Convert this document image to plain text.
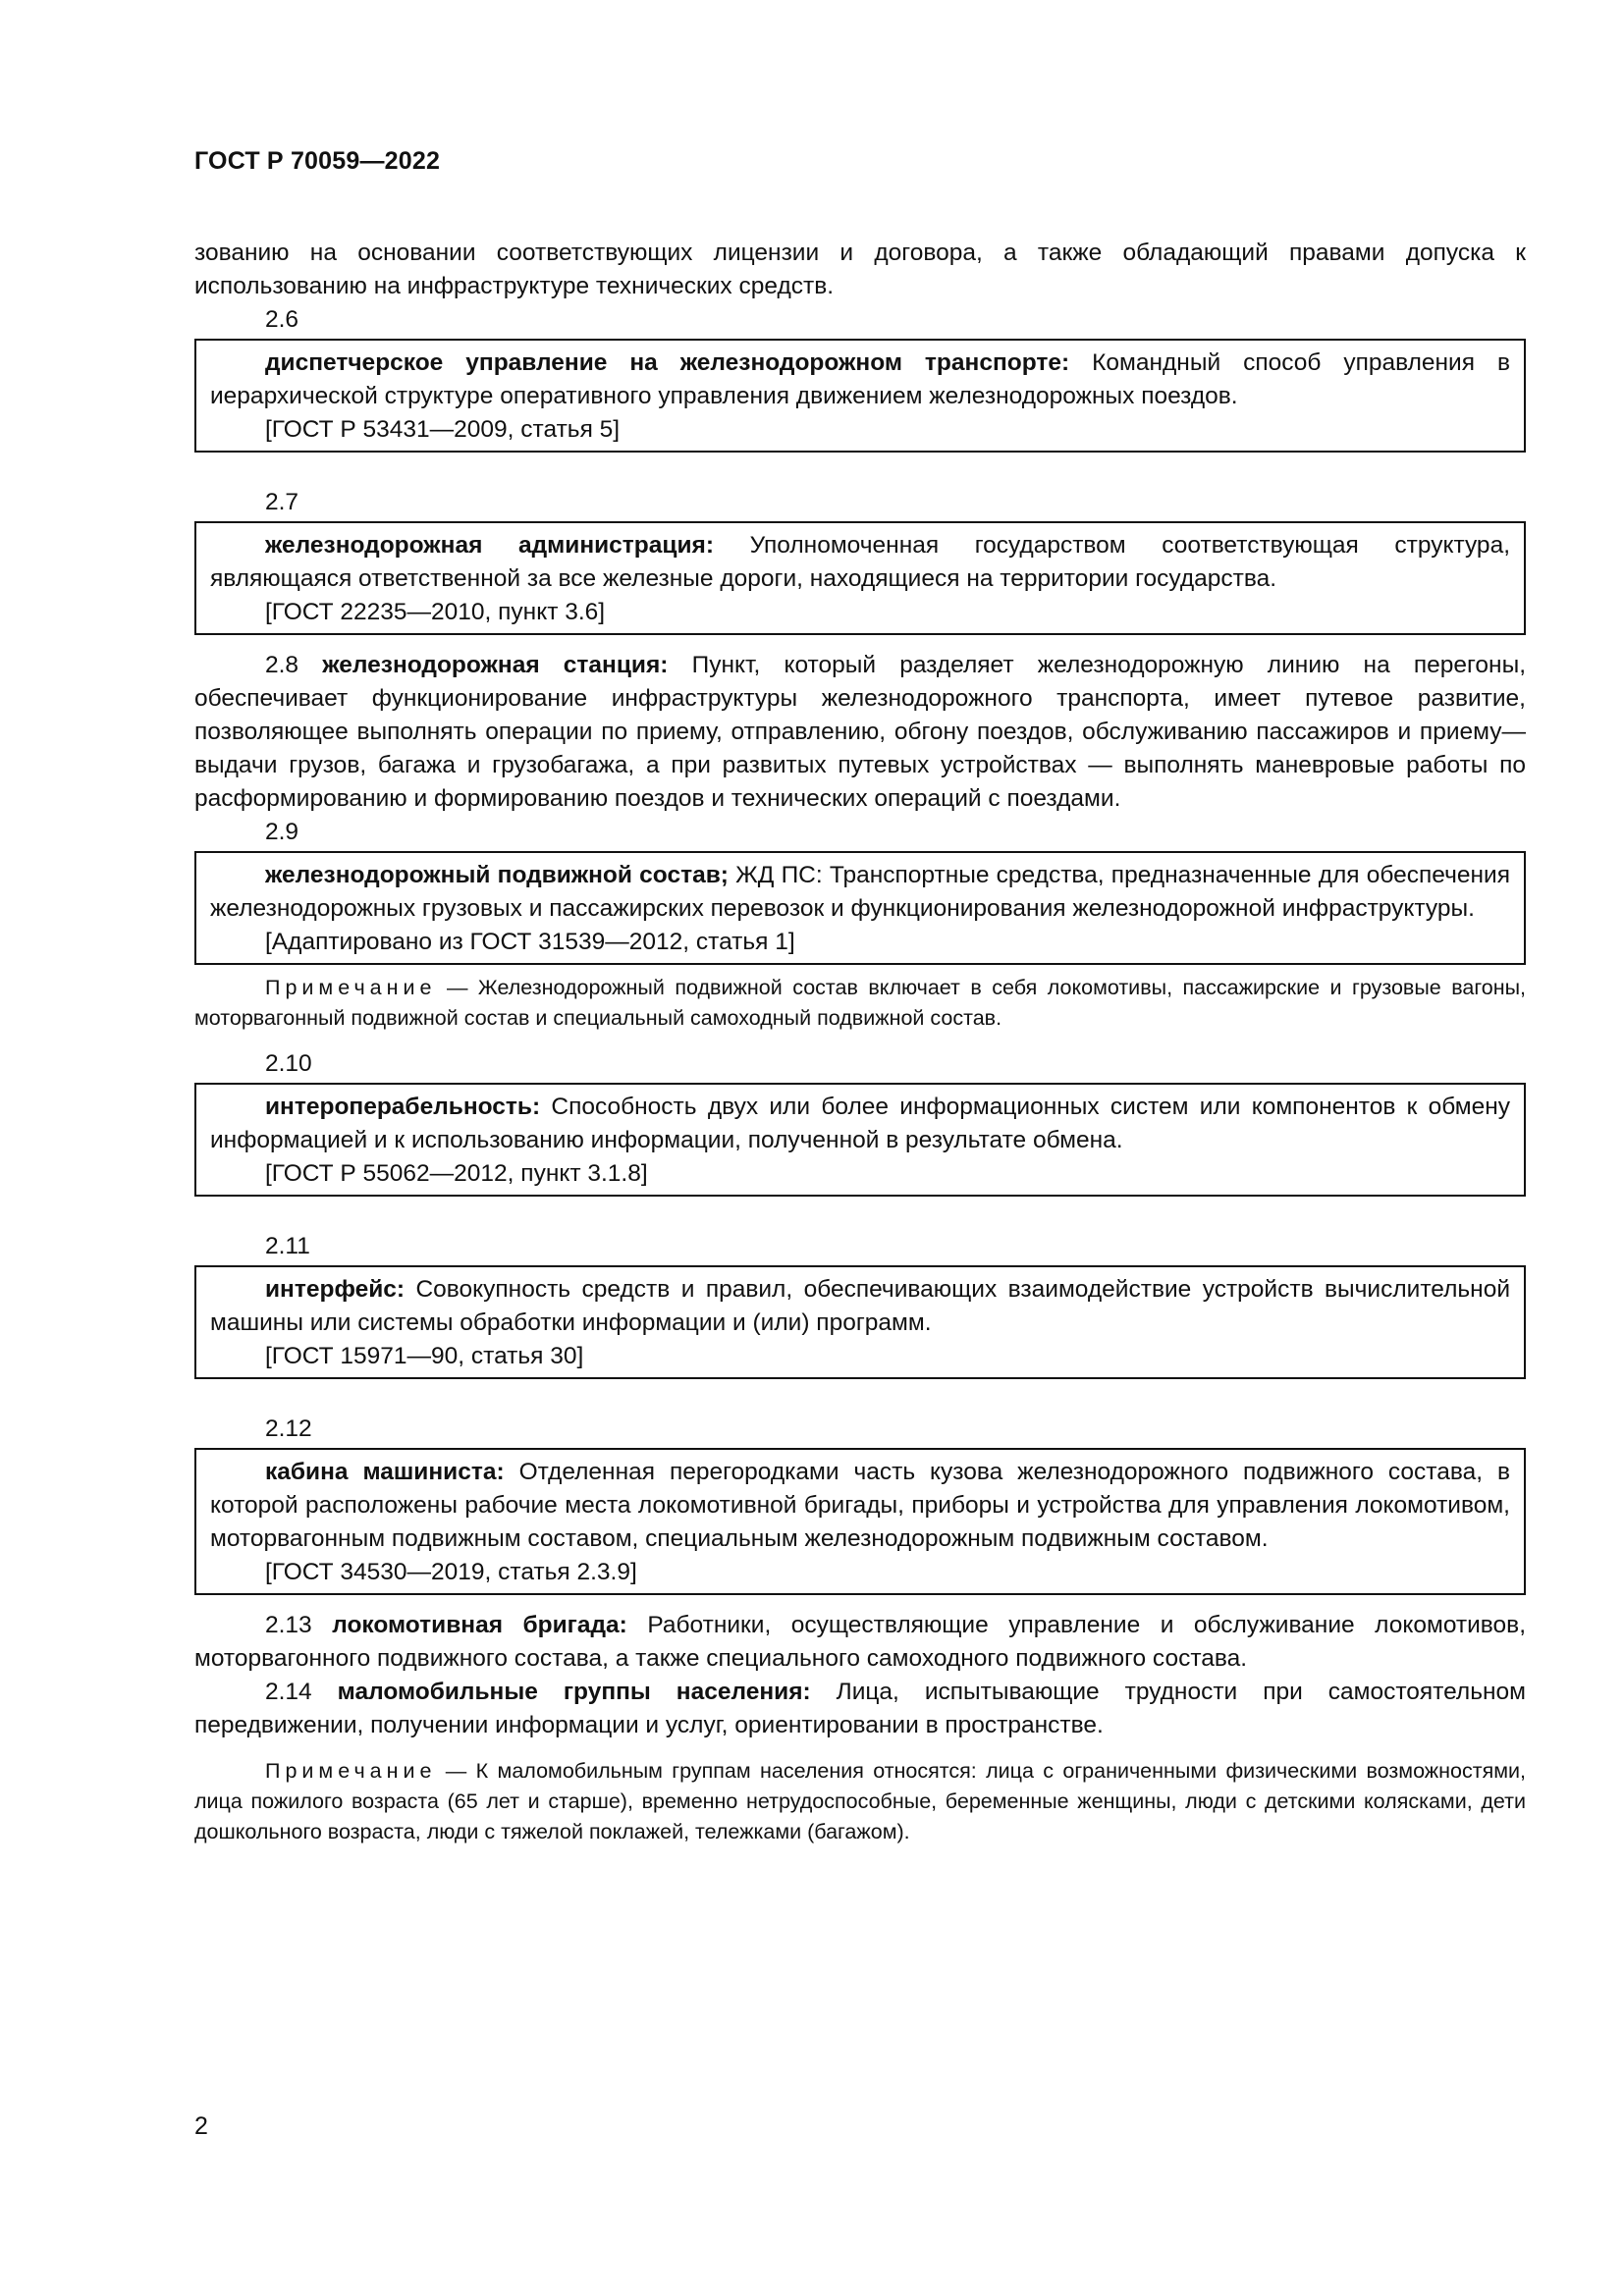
ГОСТ Р 70059—2022

зованию на основании соответствующих лицензии и договора, а также обладающий правами допуска к использованию на инфраструктуре технических средств.

2.6

диспетчерское управление на железнодорожном транспорте: Командный способ управления в иерархической структуре оперативного управления движением железнодорожных поездов.

[ГОСТ Р 53431—2009, статья 5]

2.7

железнодорожная администрация: Уполномоченная государством соответствующая структура, являющаяся ответственной за все железные дороги, находящиеся на территории государства.

[ГОСТ 22235—2010, пункт 3.6]

2.8 железнодорожная станция: Пункт, который разделяет железнодорожную линию на перегоны, обеспечивает функционирование инфраструктуры железнодорожного транспорта, имеет путевое развитие, позволяющее выполнять операции по приему, отправлению, обгону поездов, обслуживанию пассажиров и приему—выдачи грузов, багажа и грузобагажа, а при развитых путевых устройствах — выполнять маневровые работы по расформированию и формированию поездов и технических операций с поездами.

2.9

железнодорожный подвижной состав; ЖД ПС: Транспортные средства, предназначенные для обеспечения железнодорожных грузовых и пассажирских перевозок и функционирования железнодорожной инфраструктуры.

[Адаптировано из ГОСТ 31539—2012, статья 1]

Примечание — Железнодорожный подвижной состав включает в себя локомотивы, пассажирские и грузовые вагоны, моторвагонный подвижной состав и специальный самоходный подвижной состав.

2.10

интероперабельность: Способность двух или более информационных систем или компонентов к обмену информацией и к использованию информации, полученной в результате обмена.

[ГОСТ Р 55062—2012, пункт 3.1.8]

2.11

интерфейс: Совокупность средств и правил, обеспечивающих взаимодействие устройств вычислительной машины или системы обработки информации и (или) программ.

[ГОСТ 15971—90, статья 30]

2.12

кабина машиниста: Отделенная перегородками часть кузова железнодорожного подвижного состава, в которой расположены рабочие места локомотивной бригады, приборы и устройства для управления локомотивом, моторвагонным подвижным составом, специальным железнодорожным подвижным составом.

[ГОСТ 34530—2019, статья 2.3.9]

2.13 локомотивная бригада: Работники, осуществляющие управление и обслуживание локомотивов, моторвагонного подвижного состава, а также специального самоходного подвижного состава.

2.14 маломобильные группы населения: Лица, испытывающие трудности при самостоятельном передвижении, получении информации и услуг, ориентировании в пространстве.

Примечание — К маломобильным группам населения относятся: лица с ограниченными физическими возможностями, лица пожилого возраста (65 лет и старше), временно нетрудоспособные, беременные женщины, люди с детскими колясками, дети дошкольного возраста, люди с тяжелой поклажей, тележками (багажом).

2
